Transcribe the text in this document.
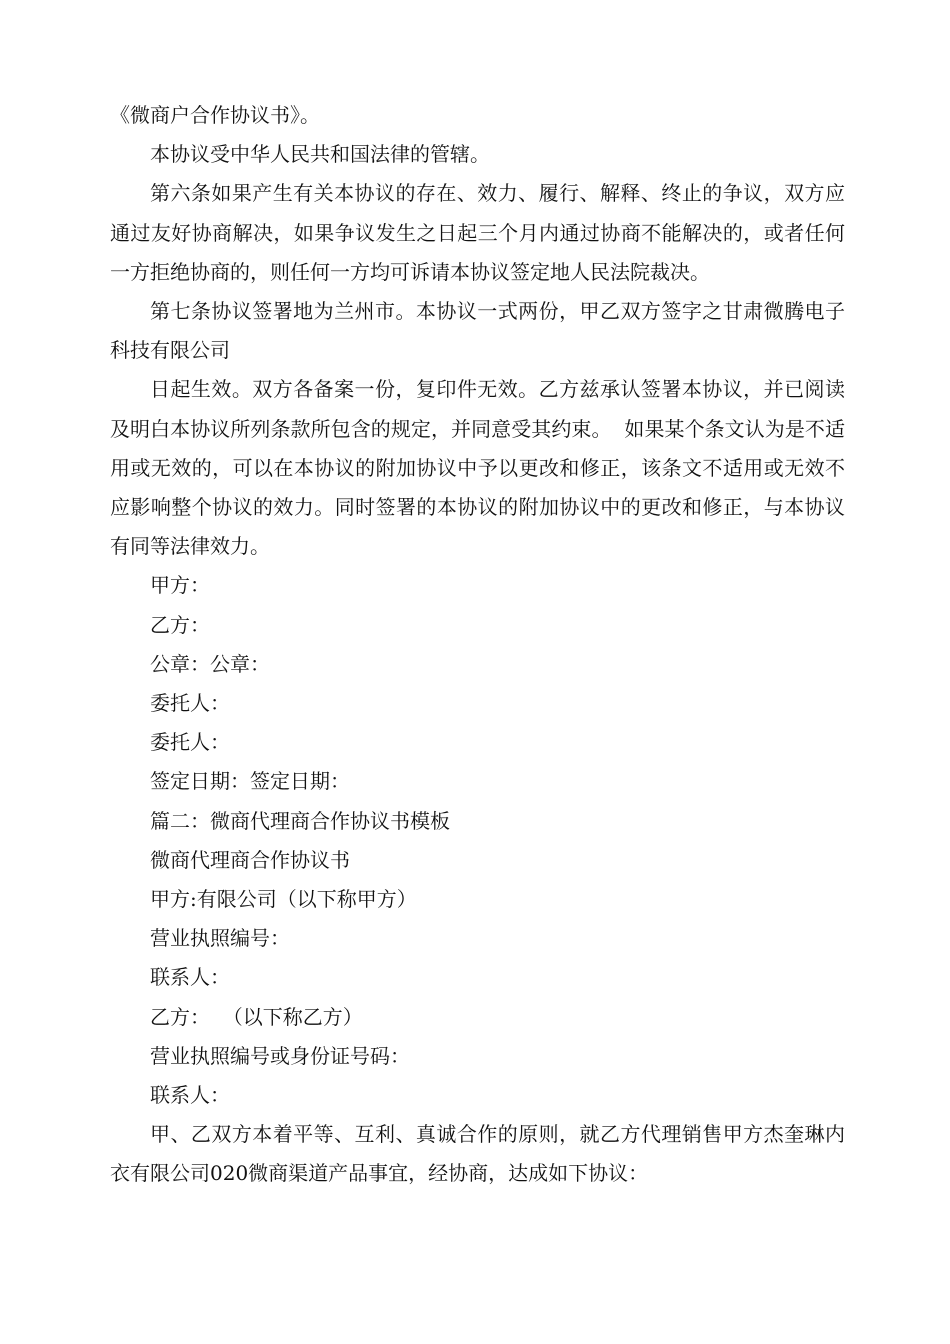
《微商户合作协议书》。

本协议受中华人民共和国法律的管辖。

第六条如果产生有关本协议的存在、效力、履行、解释、终止的争议，双方应通过友好协商解决，如果争议发生之日起三个月内通过协商不能解决的，或者任何一方拒绝协商的，则任何一方均可诉请本协议签定地人民法院裁决。

第七条协议签署地为兰州市。本协议一式两份，甲乙双方签字之甘肃微腾电子科技有限公司

日起生效。双方各备案一份，复印件无效。乙方兹承认签署本协议，并已阅读及明白本协议所列条款所包含的规定，并同意受其约束。  如果某个条文认为是不适用或无效的，可以在本协议的附加协议中予以更改和修正，该条文不适用或无效不应影响整个协议的效力。同时签署的本协议的附加协议中的更改和修正，与本协议有同等法律效力。

甲方：

乙方：

公章：公章：

委托人：

委托人：

签定日期：签定日期：

篇二：微商代理商合作协议书模板

微商代理商合作协议书

甲方:有限公司（以下称甲方）

营业执照编号：

联系人：

乙方：  （以下称乙方）

营业执照编号或身份证号码：

联系人：

甲、乙双方本着平等、互利、真诚合作的原则，就乙方代理销售甲方杰奎琳内衣有限公司020微商渠道产品事宜，经协商，达成如下协议：
